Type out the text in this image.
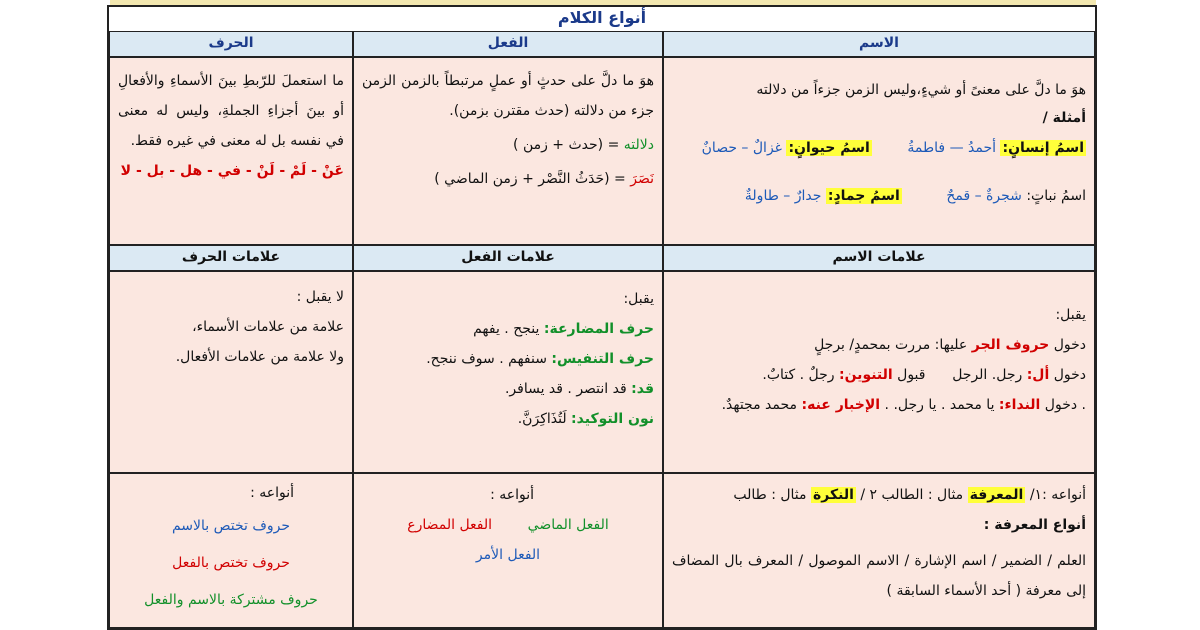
أنواع الكلام
الاسم
الفعل
الحرف
هوَ ما دلَّ على معنىً أو شيءٍ،وليس الزمن جزءاً من دلالته
أمثلة /
اسمُ إنسانٍ: أحمدُ — فاطمةُ        اسمُ حيوانٍ: غزالٌ – حصانٌ
اسمُ نباتٍ: شجرةٌ – قمحٌ          اسمُ جمادٍ: جدارٌ – طاولةٌ
هوَ ما دلَّ على حدثٍ أو عملٍ مرتبطاً بالزمن الزمن جزء من دلالته (حدث مقترن بزمن).
دلالته = (حدث + زمن )
نَصَرَ = (حَدَثُ النَّصْر + زمن الماضي )
ما استعملَ للرّبطِ بينَ الأسماءِ والأفعالِ أو بينَ أجزاءِ الجملةِ، وليس له معنى في نفسه بل له معنى في غيره فقط.
عَنْ - لَمْ - لَنْ - في - هل - بل - لا
علامات الاسم
علامات الفعل
علامات الحرف
يقبل:
دخول حروف الجر عليها: مررت بمحمدٍ/ برجلٍ
دخول أل: رجل. الرجل      قبول التنوين: رجلٌ . كتابٌ.
. دخول النداء: يا محمد . يا رجل. . الإخبار عنه: محمد مجتهدٌ.
يقبل:
حرف المضارعة: ينجح . يفهم
حرف التنفيس: سنفهم . سوف ننجح.
قد: قد انتصر . قد يسافر.
نون التوكيد: لَتُذَاكِرَنَّ.
لا يقبل :
علامة من علامات الأسماء،
ولا علامة من علامات الأفعال.
أنواعه :١/ المعرفة مثال : الطالب ٢ / النكرة مثال : طالب
أنواع المعرفة :
العلم / الضمير / اسم الإشارة / الاسم الموصول / المعرف بال المضاف إلى معرفة ( أحد الأسماء السابقة )
أنواعه :
الفعل الماضي        الفعل المضارع
الفعل الأمر
أنواعه :
حروف تختص بالاسم
حروف تختص بالفعل
حروف مشتركة بالاسم والفعل
